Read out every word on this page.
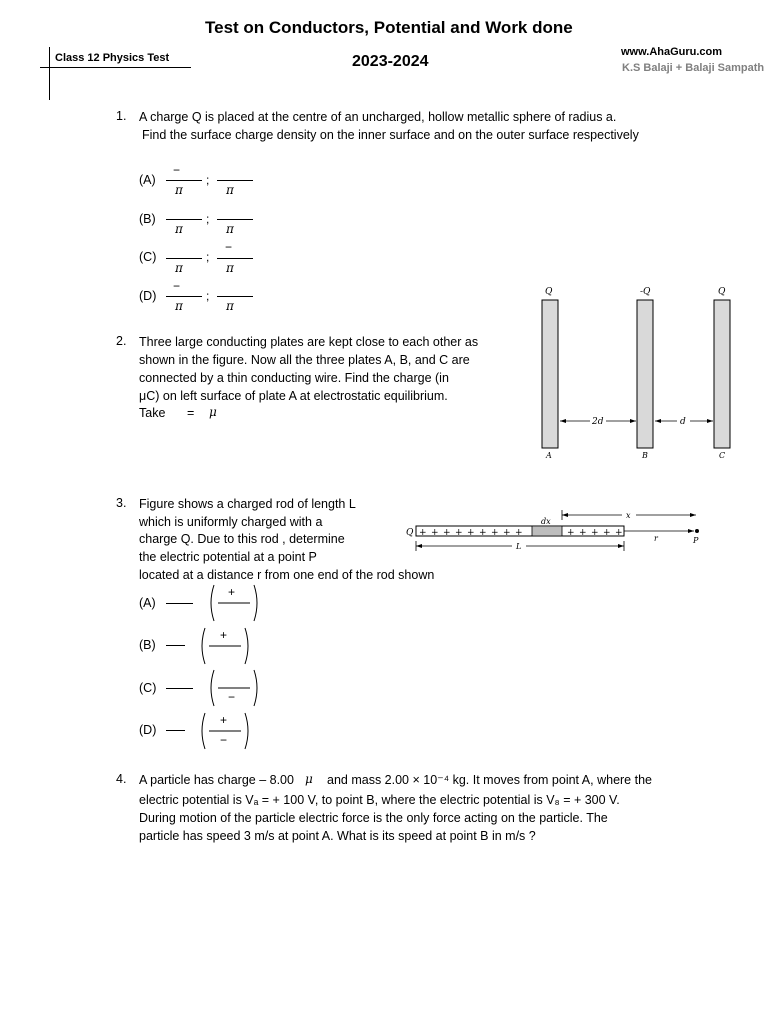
Test on Conductors, Potential and Work done
2023-2024
Class 12 Physics Test	www.AhaGuru.com
K.S Balaji + Balaji Sampath
1. A charge Q is placed at the centre of an uncharged, hollow metallic sphere of radius a.
Find the surface charge density on the inner surface and on the outer surface respectively
(A)
−
π
;
π
(B)
π
;
π
(C)
π
;
−
π
(D)
−
π
;
π
2. Three large conducting plates are kept close to each other as
shown in the figure. Now all the three plates A, B, and C are
connected by a thin conducting wire. Find the charge (in
μC) on left surface of plate A at electrostatic equilibrium.
Take = μ
Q	-Q	Q
2d	d
A	B	C
3. Figure shows a charged rod of length L
which is uniformly charged with a
charge Q. Due to this rod , determine
the electric potential at a point P
located at a distance r from one end of the rod shown
Q + + + + + + + + +	+ + + + +
dx
x
r	P
L
(A)
+
(B)
+
(C)
−
(D)
+
−
4. A particle has charge – 8.00 μ and mass 2.00 × 10⁻⁴ kg. It moves from point A, where the
electric potential is Vₐ = + 100 V, to point B, where the electric potential is V₈ = + 300 V.
During motion of the particle electric force is the only force acting on the particle. The
particle has speed 3 m/s at point A. What is its speed at point B in m/s ?
